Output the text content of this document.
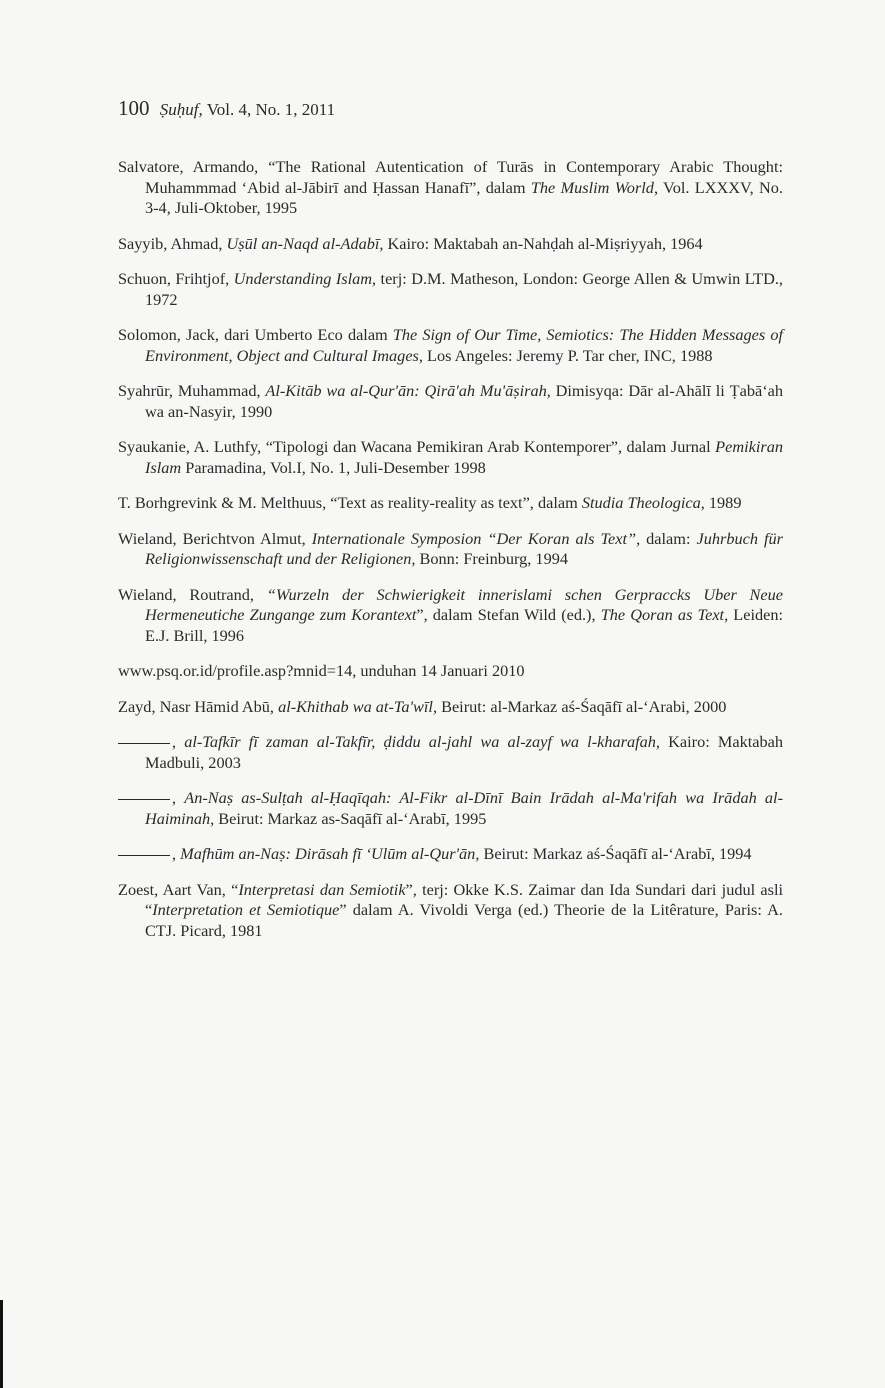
100 Ṣuḥuf, Vol. 4, No. 1, 2011

Salvatore, Armando, “The Rational Autentication of Turās in Contemporary Arabic Thought: Muhammmad ‘Abid al-Jābirī and Ḥassan Hanafī”, dalam The Muslim World, Vol. LXXXV, No. 3-4, Juli-Oktober, 1995

Sayyib, Ahmad, Uṣūl an-Naqd al-Adabī, Kairo: Maktabah an-Nahḍah al-Miṣriyyah, 1964

Schuon, Frihtjof, Understanding Islam, terj: D.M. Matheson, London: George Allen & Umwin LTD., 1972

Solomon, Jack, dari Umberto Eco dalam The Sign of Our Time, Semiotics: The Hidden Messages of Environment, Object and Cultural Images, Los Angeles: Jeremy P. Tar cher, INC, 1988

Syahrūr, Muhammad, Al-Kitāb wa al-Qur'ān: Qirā'ah Mu'āṣirah, Dimisyqa: Dār al-Ahālī li Ṭabā‘ah wa an-Nasyir, 1990

Syaukanie, A. Luthfy, “Tipologi dan Wacana Pemikiran Arab Kontemporer”, dalam Jurnal Pemikiran Islam Paramadina, Vol.I, No. 1, Juli-Desember 1998

T. Borhgrevink & M. Melthuus, “Text as reality-reality as text”, dalam Studia Theologica, 1989

Wieland, Berichtvon Almut, Internationale Symposion “Der Koran als Text”, dalam: Juhrbuch für Religionwissenschaft und der Religionen, Bonn: Freinburg, 1994

Wieland, Routrand, “Wurzeln der Schwierigkeit innerislami schen Gerpraccks Uber Neue Hermeneutiche Zungange zum Korantext”, dalam Stefan Wild (ed.), The Qoran as Text, Leiden: E.J. Brill, 1996

www.psq.or.id/profile.asp?mnid=14, unduhan 14 Januari 2010

Zayd, Nasr Hāmid Abū, al-Khithab wa at-Ta'wīl, Beirut: al-Markaz aś-Śaqāfī al-‘Arabi, 2000

, al-Tafkīr fī zaman al-Takfīr, ḍiddu al-jahl wa al-zayf wa l-kharafah, Kairo: Maktabah Madbuli, 2003

, An-Naṣ as-Sulṭah al-Ḥaqīqah: Al-Fikr al-Dīnī Bain Irādah al-Ma'rifah wa Irādah al-Haiminah, Beirut: Markaz as-Saqāfī al-‘Arabī, 1995

, Mafhūm an-Naṣ: Dirāsah fī ‘Ulūm al-Qur'ān, Beirut: Markaz aś-Śaqāfī al-‘Arabī, 1994

Zoest, Aart Van, “Interpretasi dan Semiotik”, terj: Okke K.S. Zaimar dan Ida Sundari dari judul asli “Interpretation et Semiotique” dalam A. Vivoldi Verga (ed.) Theorie de la Litêrature, Paris: A. CTJ. Picard, 1981
